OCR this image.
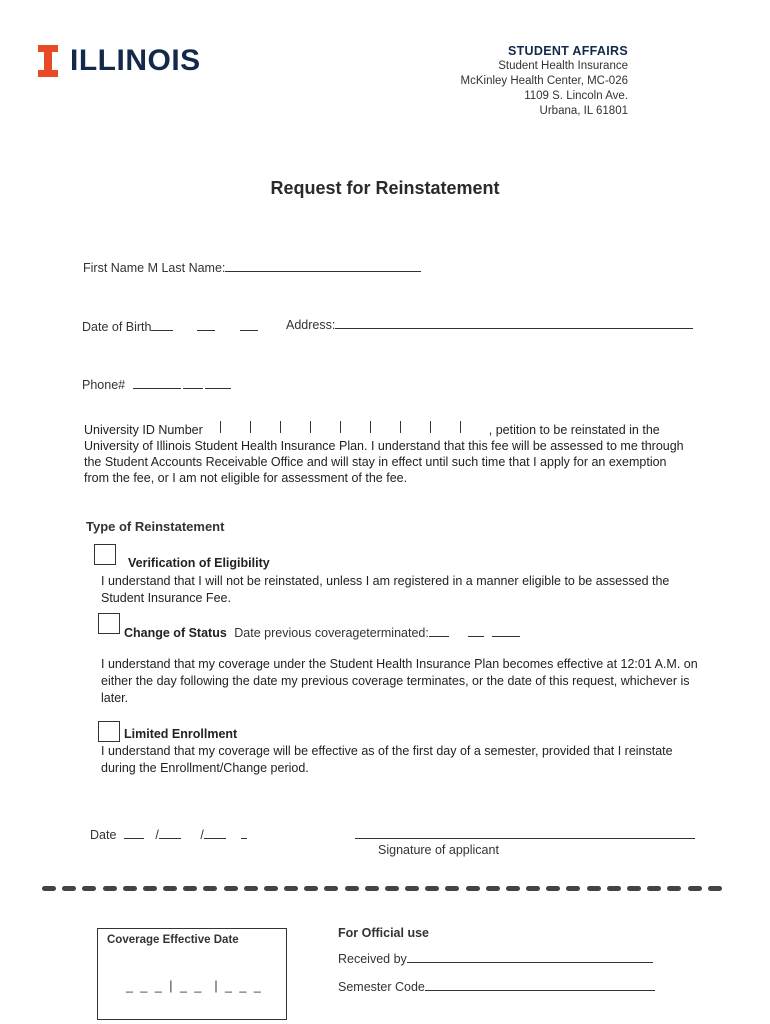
ILLINOIS	STUDENT AFFAIRS
Student Health Insurance
McKinley Health Center, MC-026
1109 S. Lincoln Ave.
Urbana, IL 61801
Request for Reinstatement
First Name M Last Name:
Date of Birth	Address:
Phone#
University ID Number	, petition to be reinstated in the
University of Illinois Student Health Insurance Plan. I understand that this fee will be assessed to me through the Student Accounts Receivable Office and will stay in effect until such time that I apply for an exemption from the fee, or I am not eligible for assessment of the fee.
Type of Reinstatement
Verification of Eligibility
I understand that I will not be reinstated, unless I am registered in a manner eligible to be assessed the Student Insurance Fee.
Change of Status Date previous coverageterminated:
I understand that my coverage under the Student Health Insurance Plan becomes effective at 12:01 A.M. on either the day following the date my previous coverage terminates, or the date of this request, whichever is later.
Limited Enrollment
I understand that my coverage will be effective as of the first day of a semester, provided that I reinstate during the Enrollment/Change period.
Date	/	/
Signature of applicant
Coverage Effective Date
_ _ _ | _ _  | _ _ _
For Official use
Received by
Semester Code
